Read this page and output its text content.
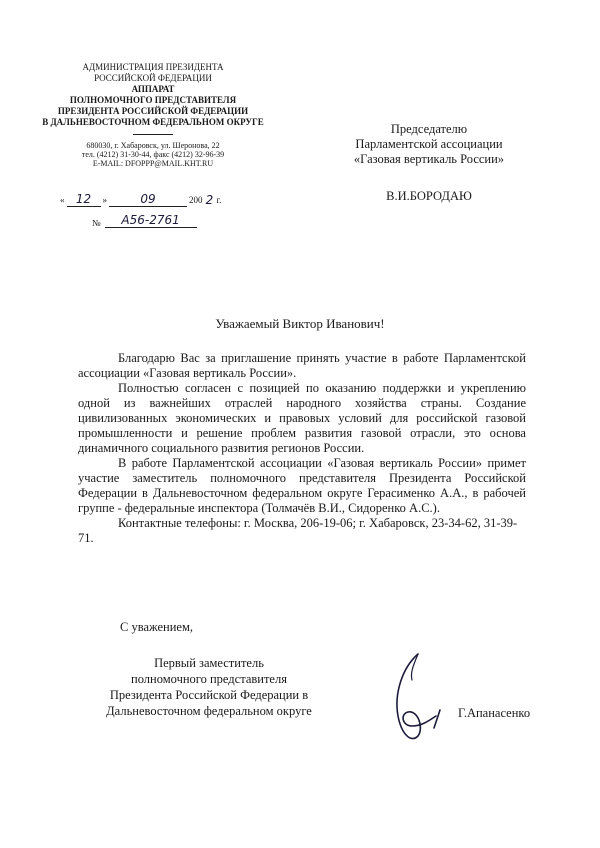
АДМИНИСТРАЦИЯ ПРЕЗИДЕНТА
РОССИЙСКОЙ ФЕДЕРАЦИИ
АППАРАТ
ПОЛНОМОЧНОГО ПРЕДСТАВИТЕЛЯ
ПРЕЗИДЕНТА РОССИЙСКОЙ ФЕДЕРАЦИИ
В ДАЛЬНЕВОСТОЧНОМ ФЕДЕРАЛЬНОМ ОКРУГЕ
680030, г. Хабаровск, ул. Шеронова, 22
тел. (4212) 31-30-44, факс (4212) 32-96-39
E-MAIL: DFOPPP@MAIL.KHT.RU
« 12	»	09	200 2 г.
№	А56-2761
Председателю
Парламентской ассоциации
«Газовая вертикаль России»
В.И.БОРОДАЮ
Уважаемый Виктор Иванович!

Благодарю Вас за приглашение принять участие в работе Парламентской ассоциации «Газовая вертикаль России».

Полностью согласен с позицией по оказанию поддержки и укреплению одной из важнейших отраслей народного хозяйства страны. Создание цивилизованных экономических и правовых условий для российской газовой промышленности и решение проблем развития газовой отрасли, это основа динамичного социального развития регионов России.

В работе Парламентской ассоциации «Газовая вертикаль России» примет участие заместитель полномочного представителя Президента Российской Федерации в Дальневосточном федеральном округе Герасименко А.А., в рабочей группе - федеральные инспектора (Толмачёв В.И., Сидоренко А.С.).

Контактные телефоны: г. Москва, 206-19-06; г. Хабаровск, 23-34-62, 31-39-71.

С уважением,
Первый заместитель
полномочного представителя
Президента Российской Федерации в
Дальневосточном федеральном округе	Г.Апанасенко
